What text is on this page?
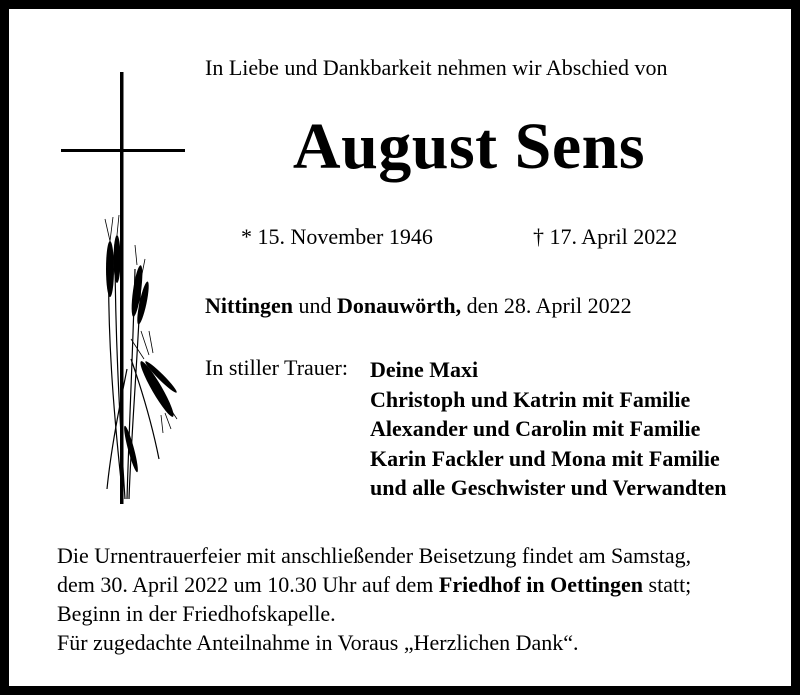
In Liebe und Dankbarkeit nehmen wir Abschied von
August Sens
* 15. November 1946	† 17. April 2022
Nittingen und Donauwörth, den 28. April 2022
In stiller Trauer: Deine Maxi
Christoph und Katrin mit Familie
Alexander und Carolin mit Familie
Karin Fackler und Mona mit Familie
und alle Geschwister und Verwandten
Die Urnentrauerfeier mit anschließender Beisetzung findet am Samstag,
dem 30. April 2022 um 10.30 Uhr auf dem Friedhof in Oettingen statt;
Beginn in der Friedhofskapelle.
Für zugedachte Anteilnahme in Voraus „Herzlichen Dank“.
